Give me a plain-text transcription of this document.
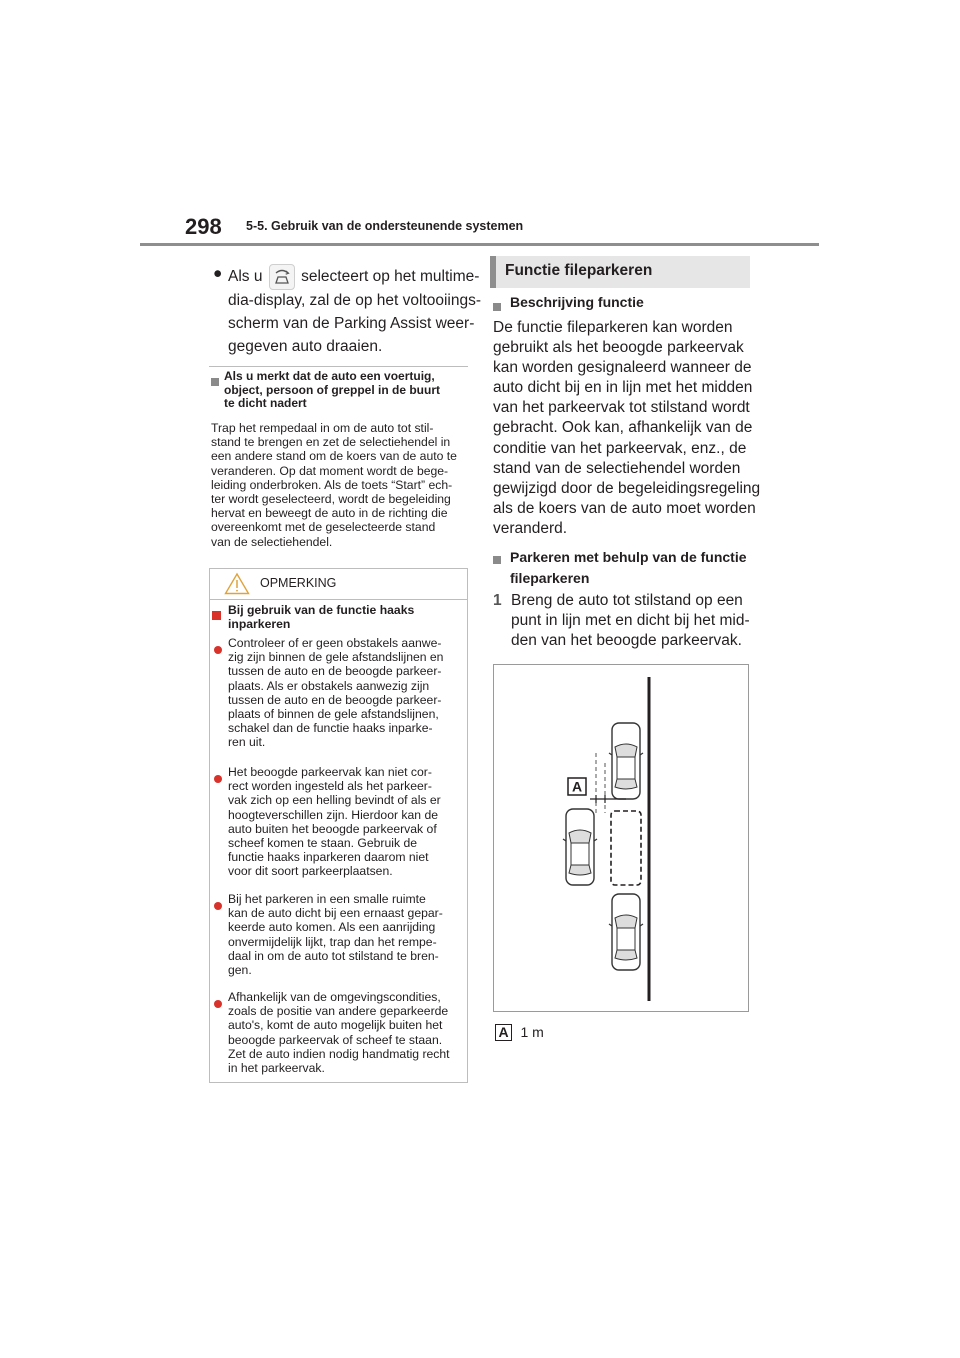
298 5-5. Gebruik van de ondersteunende systemen
● Als u selecteert op het multime-
dia-display, zal de op het voltooiings-
scherm van de Parking Assist weer-
gegeven auto draaien.
Als u merkt dat de auto een voertuig,
object, persoon of greppel in de buurt
te dicht nadert
Trap het rempedaal in om de auto tot stil-
stand te brengen en zet de selectiehendel in
een andere stand om de koers van de auto te
veranderen. Op dat moment wordt de bege-
leiding onderbroken. Als de toets “Start” ech-
ter wordt geselecteerd, wordt de begeleiding
hervat en beweegt de auto in de richting die
overeenkomt met de geselecteerde stand
van de selectiehendel.
OPMERKING
Bij gebruik van de functie haaks
inparkeren
Controleer of er geen obstakels aanwe-
zig zijn binnen de gele afstandslijnen en
tussen de auto en de beoogde parkeer-
plaats. Als er obstakels aanwezig zijn
tussen de auto en de beoogde parkeer-
plaats of binnen de gele afstandslijnen,
schakel dan de functie haaks inparke-
ren uit.
Het beoogde parkeervak kan niet cor-
rect worden ingesteld als het parkeer-
vak zich op een helling bevindt of als er
hoogteverschillen zijn. Hierdoor kan de
auto buiten het beoogde parkeervak of
scheef komen te staan. Gebruik de
functie haaks inparkeren daarom niet
voor dit soort parkeerplaatsen.
Bij het parkeren in een smalle ruimte
kan de auto dicht bij een ernaast gepar-
keerde auto komen. Als een aanrijding
onvermijdelijk lijkt, trap dan het rempe-
daal in om de auto tot stilstand te bren-
gen.
Afhankelijk van de omgevingscondities,
zoals de positie van andere geparkeerde
auto's, komt de auto mogelijk buiten het
beoogde parkeervak of scheef te staan.
Zet de auto indien nodig handmatig recht
in het parkeervak.
Functie fileparkeren
Beschrijving functie
De functie fileparkeren kan worden
gebruikt als het beoogde parkeervak
kan worden gesignaleerd wanneer de
auto dicht bij en in lijn met het midden
van het parkeervak tot stilstand wordt
gebracht. Ook kan, afhankelijk van de
conditie van het parkeervak, enz., de
stand van de selectiehendel worden
gewijzigd door de begeleidingsregeling
als de koers van de auto moet worden
veranderd.
Parkeren met behulp van de functie
fileparkeren
1 Breng de auto tot stilstand op een
punt in lijn met en dicht bij het mid-
den van het beoogde parkeervak.
A
A 1 m
